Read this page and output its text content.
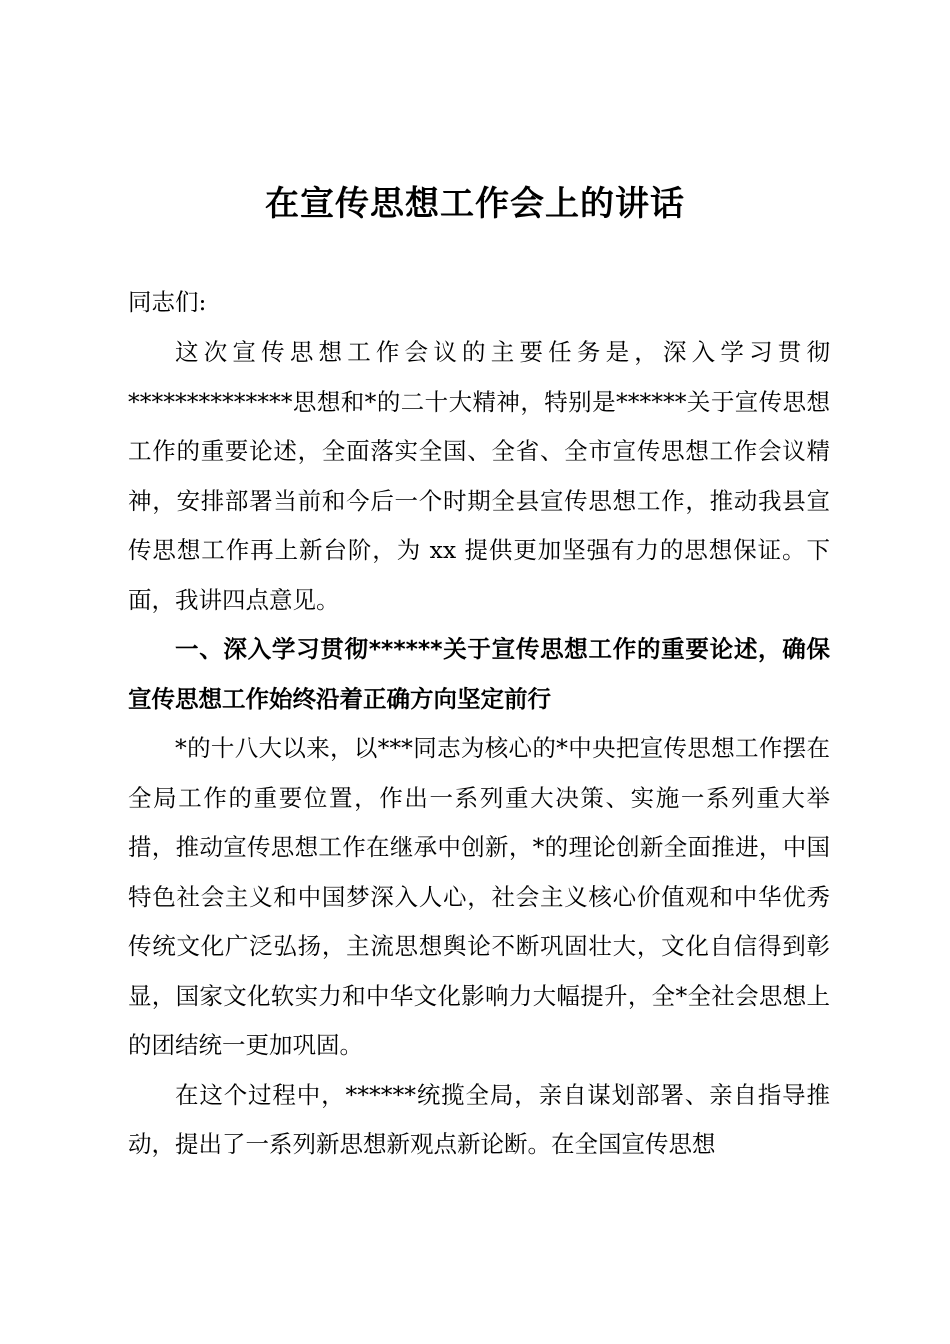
在宣传思想工作会上的讲话
同志们:

这次宣传思想工作会议的主要任务是，深入学习贯彻**************思想和*的二十大精神，特别是******关于宣传思想工作的重要论述，全面落实全国、全省、全市宣传思想工作会议精神，安排部署当前和今后一个时期全县宣传思想工作，推动我县宣传思想工作再上新台阶，为 xx 提供更加坚强有力的思想保证。下面，我讲四点意见。

一、深入学习贯彻******关于宣传思想工作的重要论述，确保宣传思想工作始终沿着正确方向坚定前行

*的十八大以来，以***同志为核心的*中央把宣传思想工作摆在全局工作的重要位置，作出一系列重大决策、实施一系列重大举措，推动宣传思想工作在继承中创新，*的理论创新全面推进，中国特色社会主义和中国梦深入人心，社会主义核心价值观和中华优秀传统文化广泛弘扬，主流思想舆论不断巩固壮大，文化自信得到彰显，国家文化软实力和中华文化影响力大幅提升，全*全社会思想上的团结统一更加巩固。

在这个过程中，******统揽全局，亲自谋划部署、亲自指导推动，提出了一系列新思想新观点新论断。在全国宣传思想
